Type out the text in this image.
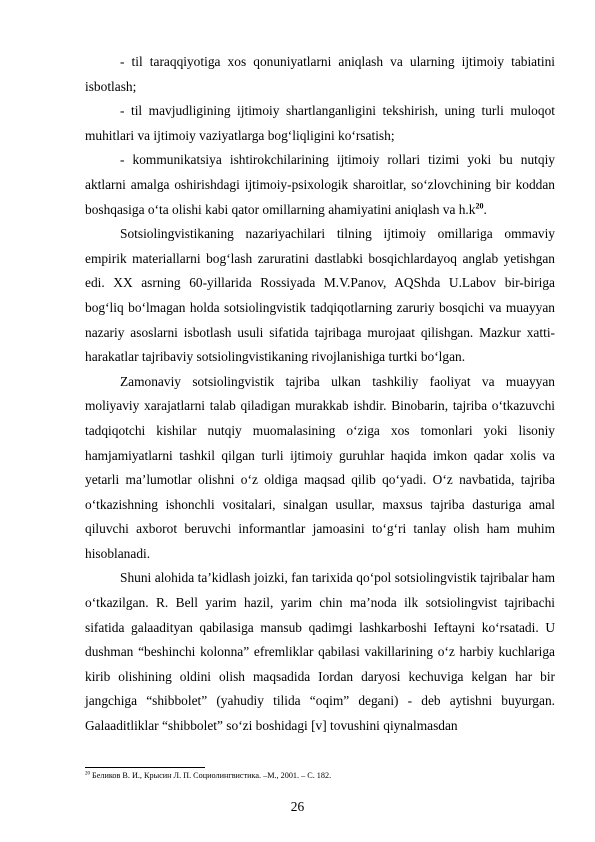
- til taraqqiyotiga xos qonuniyatlarni aniqlash va ularning ijtimoiy tabiatini isbotlash;

- til mavjudligining ijtimoiy shartlanganligini tekshirish, uning turli muloqot muhitlari va ijtimoiy vaziyatlarga bog‘liqligini ko‘rsatish;

- kommunikatsiya ishtirokchilarining ijtimoiy rollari tizimi yoki bu nutqiy aktlarni amalga oshirishdagi ijtimoiy-psixologik sharoitlar, so‘zlovchining bir koddan boshqasiga o‘ta olishi kabi qator omillarning ahamiyatini aniqlash va $h.k^{20}$.

Sotsiolingvistikaning nazariyachilari tilning ijtimoiy omillariga ommaviy empirik materiallarni bog‘lash zaruratini dastlabki bosqichlardayoq anglab yetishgan edi. XX asrning 60-yillarida Rossiyada M.V.Panov, AQShda U.Labov bir-biriga bog‘liq bo‘lmagan holda sotsiolingvistik tadqiqotlarning zaruriy bosqichi va muayyan nazariy asoslarni isbotlash usuli sifatida tajribaga murojaat qilishgan. Mazkur xatti-harakatlar tajribaviy sotsiolingvistikaning rivojlanishiga turtki bo‘lgan.

Zamonaviy sotsiolingvistik tajriba ulkan tashkiliy faoliyat va muayyan moliyaviy xarajatlarni talab qiladigan murakkab ishdir. Binobarin, tajriba o‘tkazuvchi tadqiqotchi kishilar nutqiy muomalasining o‘ziga xos tomonlari yoki lisoniy hamjamiyatlarni tashkil qilgan turli ijtimoiy guruhlar haqida imkon qadar xolis va yetarli ma’lumotlar olishni o‘z oldiga maqsad qilib qo‘yadi. O‘z navbatida, tajriba o‘tkazishning ishonchli vositalari, sinalgan usullar, maxsus tajriba dasturiga amal qiluvchi axborot beruvchi informantlar jamoasini to‘g‘ri tanlay olish ham muhim hisoblanadi.

Shuni alohida ta’kidlash joizki, fan tarixida qo‘pol sotsiolingvistik tajribalar ham o‘tkazilgan. R. Bell yarim hazil, yarim chin ma’noda ilk sotsiolingvist tajribachi sifatida galaadityan qabilasiga mansub qadimgi lashkarboshi Ieftayni ko‘rsatadi. U dushman “beshinchi kolonna” efremliklar qabilasi vakillarining o‘z harbiy kuchlariga kirib olishining oldini olish maqsadida Iordan daryosi kechuviga kelgan har bir jangchiga “shibbolet” (yahudiy tilida “oqim” degani) - deb aytishni buyurgan. Galaaditliklar “shibbolet” so‘zi boshidagi [v] tovushini qiynalmasdan

$^{20}$ Беликов В. И., Крысин Л. П. Социолингвистика. –М., 2001. – С. 182.
26
